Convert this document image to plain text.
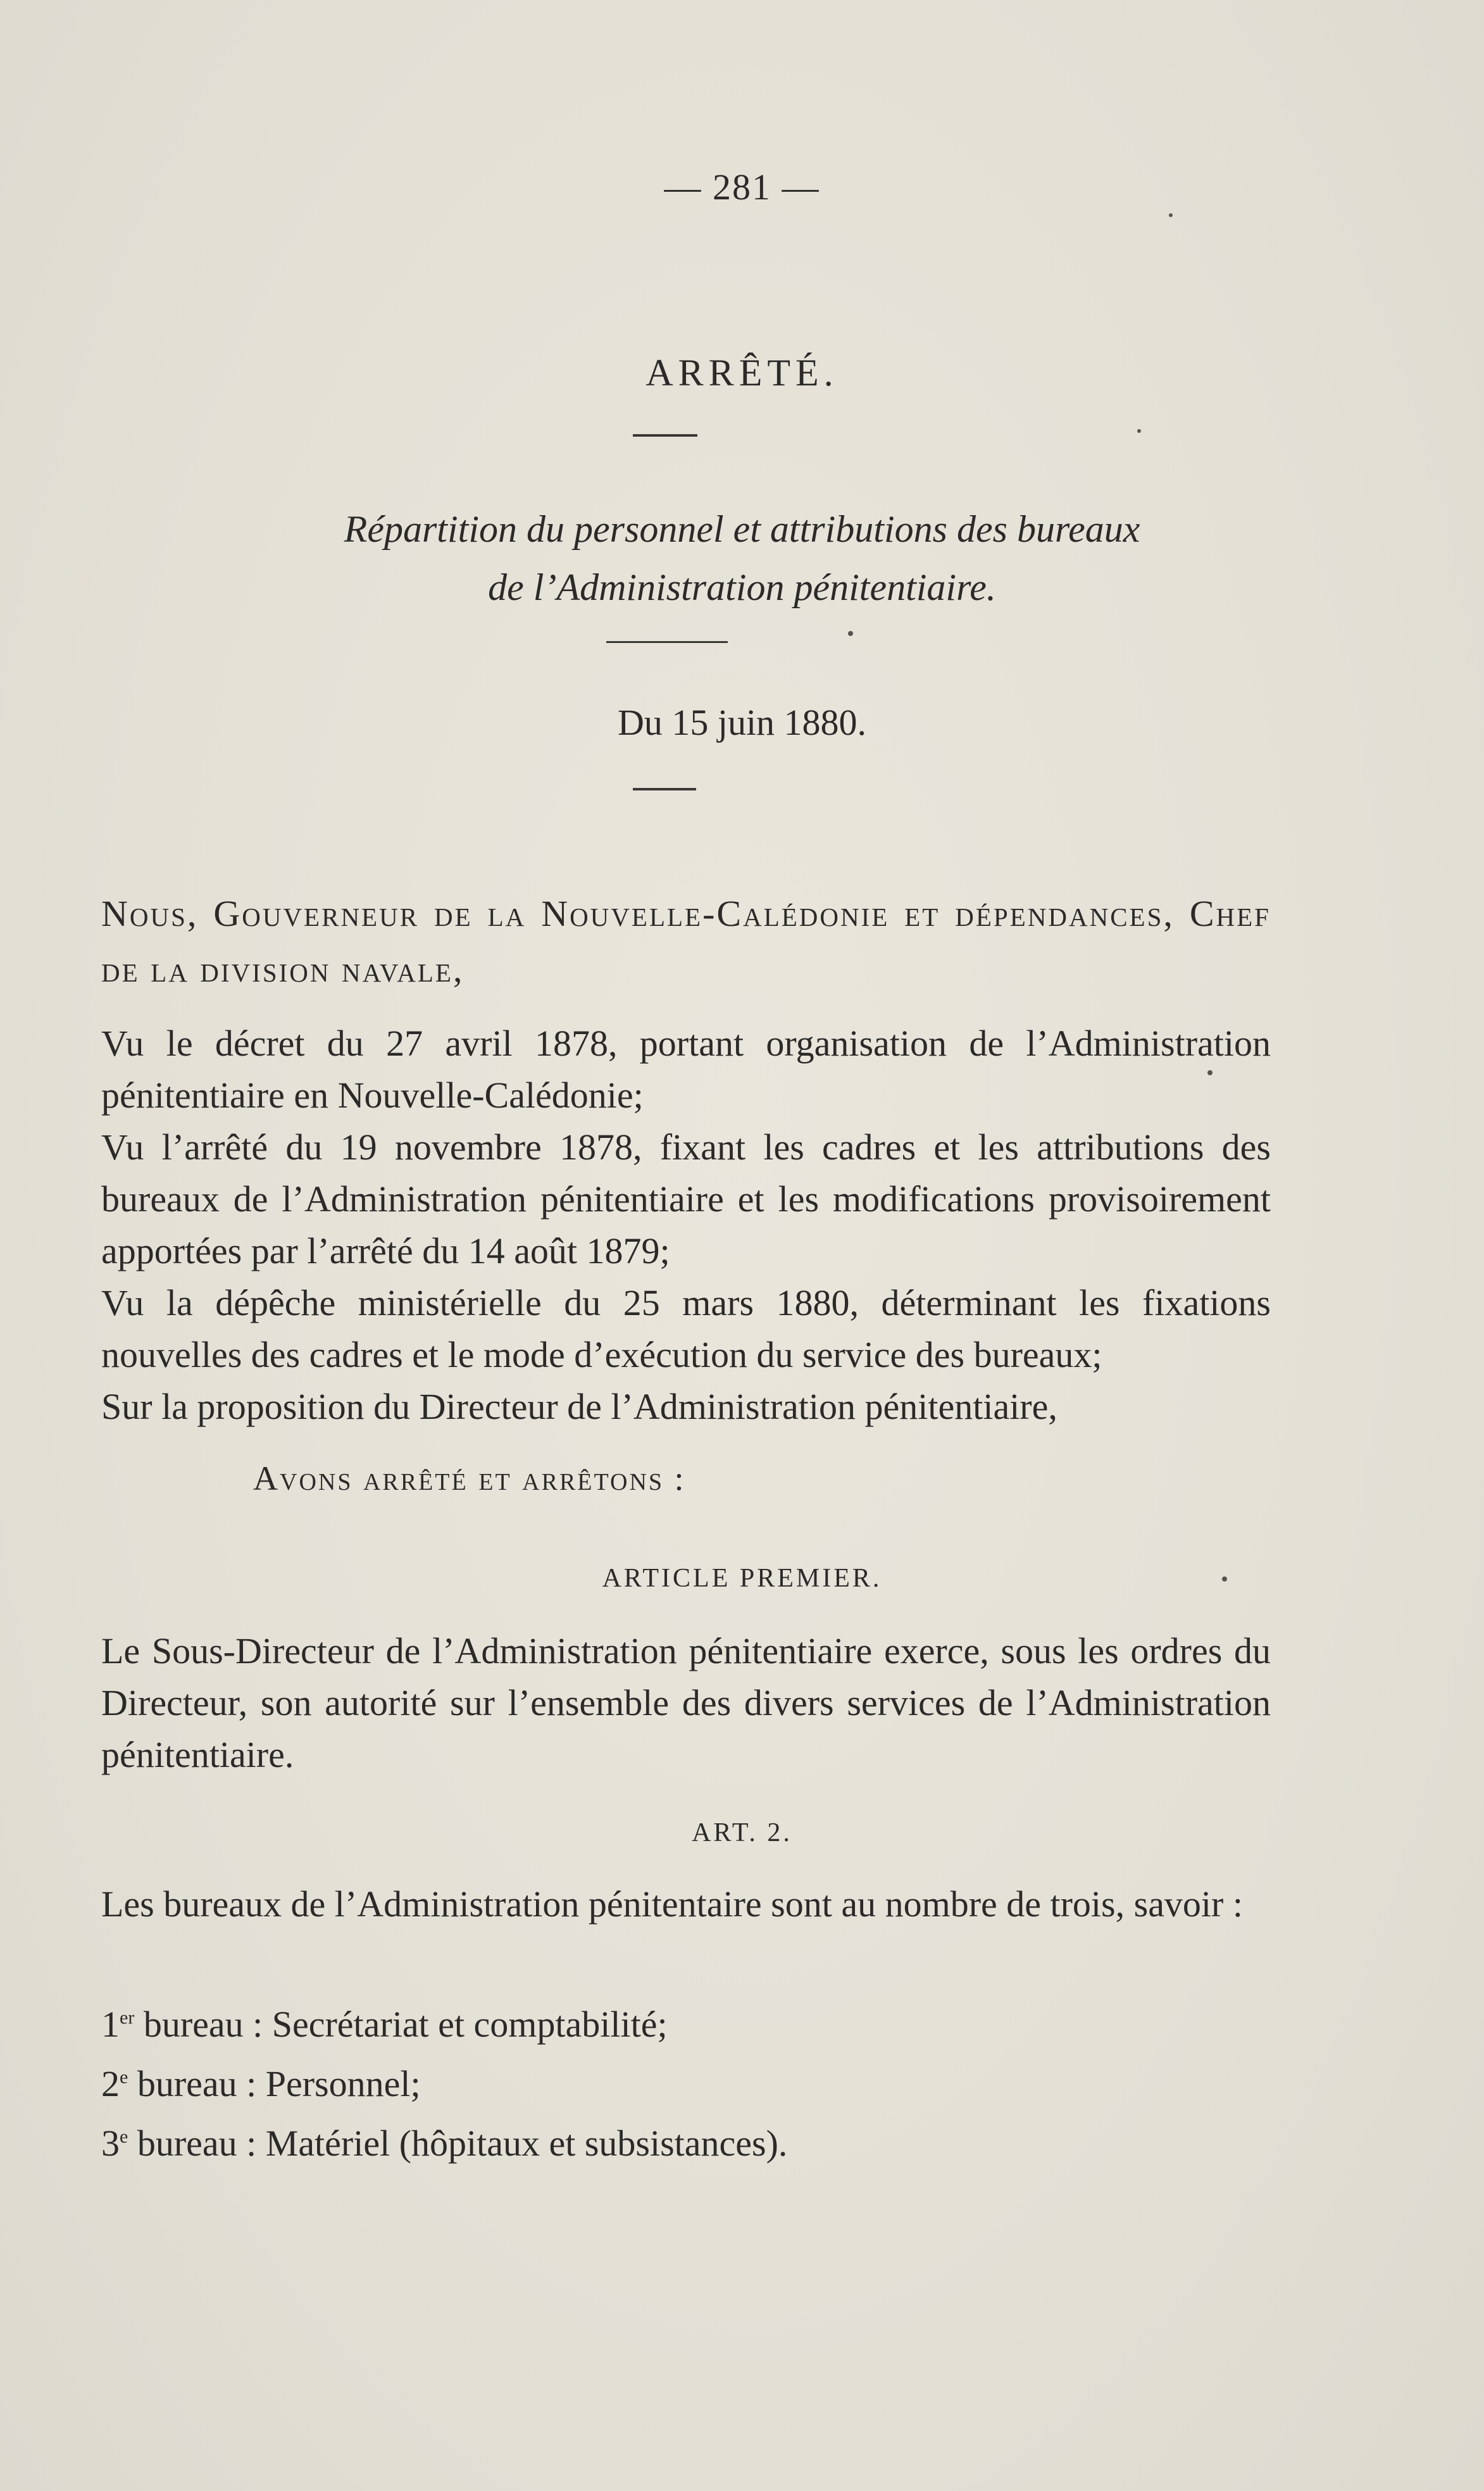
— 281 —
ARRÊTÉ.
Répartition du personnel et attributions des bureaux
de l’Administration pénitentiaire.
Du 15 juin 1880.
Nous, Gouverneur de la Nouvelle-Calédonie et dépendances, Chef de la division navale,
Vu le décret du 27 avril 1878, portant organisation de l’Administration pénitentiaire en Nouvelle-Calédonie;
Vu l’arrêté du 19 novembre 1878, fixant les cadres et les attributions des bureaux de l’Administration pénitentiaire et les modifications provisoirement apportées par l’arrêté du 14 août 1879;
Vu la dépêche ministérielle du 25 mars 1880, déterminant les fixations nouvelles des cadres et le mode d’exécution du service des bureaux;
Sur la proposition du Directeur de l’Administration pénitentiaire,
Avons arrêté et arrêtons :
ARTICLE PREMIER.
Le Sous-Directeur de l’Administration pénitentiaire exerce, sous les ordres du Directeur, son autorité sur l’ensemble des divers services de l’Administration pénitentiaire.
ART. 2.
Les bureaux de l’Administration pénitentaire sont au nombre de trois, savoir :
1er bureau : Secrétariat et comptabilité;
2e bureau : Personnel;
3e bureau : Matériel (hôpitaux et subsistances).
